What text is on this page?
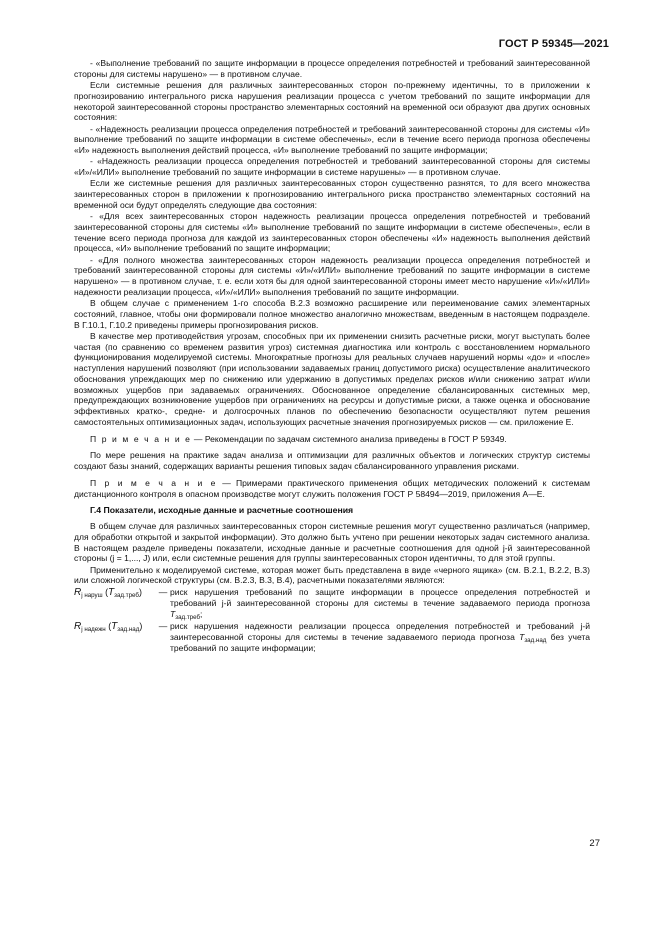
ГОСТ Р 59345—2021

- «Выполнение требований по защите информации в процессе определения потребностей и требований заинтересованной стороны для системы нарушено» — в противном случае.

Если системные решения для различных заинтересованных сторон по-прежнему идентичны, то в приложении к прогнозированию интегрального риска нарушения реализации процесса с учетом требований по защите информации для некоторой заинтересованной стороны пространство элементарных состояний на временной оси образуют два других основных состояния:

- «Надежность реализации процесса определения потребностей и требований заинтересованной стороны для системы «И» выполнение требований по защите информации в системе обеспечены», если в течение всего периода прогноза обеспечены «И» надежность выполнения действий процесса, «И» выполнение требований по защите информации;

- «Надежность реализации процесса определения потребностей и требований заинтересованной стороны для системы «И»/«ИЛИ» выполнение требований по защите информации в системе нарушены» — в противном случае.

Если же системные решения для различных заинтересованных сторон существенно разнятся, то для всего множества заинтересованных сторон в приложении к прогнозированию интегрального риска пространство элементарных состояний на временной оси будут определять следующие два состояния:

- «Для всех заинтересованных сторон надежность реализации процесса определения потребностей и требований заинтересованной стороны для системы «И» выполнение требований по защите информации в системе обеспечены», если в течение всего периода прогноза для каждой из заинтересованных сторон обеспечены «И» надежность выполнения действий процесса, «И» выполнение требований по защите информации;

- «Для полного множества заинтересованных сторон надежность реализации процесса определения потребностей и требований заинтересованной стороны для системы «И»/«ИЛИ» выполнение требований по защите информации в системе нарушено» — в противном случае, т. е. если хотя бы для одной заинтересованной стороны имеет место нарушение «И»/«ИЛИ» надежности реализации процесса, «И»/«ИЛИ» выполнения требований по защите информации.

В общем случае с применением 1-го способа В.2.3 возможно расширение или переименование самих элементарных состояний, главное, чтобы они формировали полное множество аналогично множествам, введенным в настоящем подразделе. В Г.10.1, Г.10.2 приведены примеры прогнозирования рисков.

В качестве мер противодействия угрозам, способных при их применении снизить расчетные риски, могут выступать более частая (по сравнению со временем развития угроз) системная диагностика или контроль с восстановлением нормального функционирования моделируемой системы. Многократные прогнозы для реальных случаев нарушений нормы «до» и «после» наступления нарушений позволяют (при использовании задаваемых границ допустимого риска) осуществление аналитического обоснования упреждающих мер по снижению или удержанию в допустимых пределах рисков и/или снижению затрат и/или возможных ущербов при задаваемых ограничениях. Обоснованное определение сбалансированных системных мер, предупреждающих возникновение ущербов при ограничениях на ресурсы и допустимые риски, а также оценка и обоснование эффективных кратко-, средне- и долгосрочных планов по обеспечению безопасности осуществляют путем решения самостоятельных оптимизационных задач, использующих расчетные значения прогнозируемых рисков — см. приложение Е.

П р и м е ч а н и е — Рекомендации по задачам системного анализа приведены в ГОСТ Р 59349.

По мере решения на практике задач анализа и оптимизации для различных объектов и логических структур системы создают базы знаний, содержащих варианты решения типовых задач сбалансированного управления рисками.

П р и м е ч а н и е — Примерами практического применения общих методических положений к системам дистанционного контроля в опасном производстве могут служить положения ГОСТ Р 58494—2019, приложения А—Е.

Г.4 Показатели, исходные данные и расчетные соотношения

В общем случае для различных заинтересованных сторон системные решения могут существенно различаться (например, для обработки открытой и закрытой информации). Это должно быть учтено при решении некоторых задач системного анализа. В настоящем разделе приведены показатели, исходные данные и расчетные соотношения для одной j-й заинтересованной стороны (j = 1,..., J) или, если системные решения для группы заинтересованных сторон идентичны, то для этой группы.

Применительно к моделируемой системе, которая может быть представлена в виде «черного ящика» (см. В.2.1, В.2.2, В.3) или сложной логической структуры (см. В.2.3, В.3, В.4), расчетными показателями являются:

$R_{j нaруш}$ $(T_{зад.треб})$	— риск нарушения требований по защите информации в процессе определения потребностей и требований j-й заинтересованной стороны для системы в течение задаваемого периода прогноза $T_{зад.треб}$;
$R_{j надежн}$ $(T_{зад.над})$	— риск нарушения надежности реализации процесса определения потребностей и требований j-й заинтересованной стороны для системы в течение задаваемого периода прогноза $T_{зад.над}$ без учета требований по защите информации;
27
